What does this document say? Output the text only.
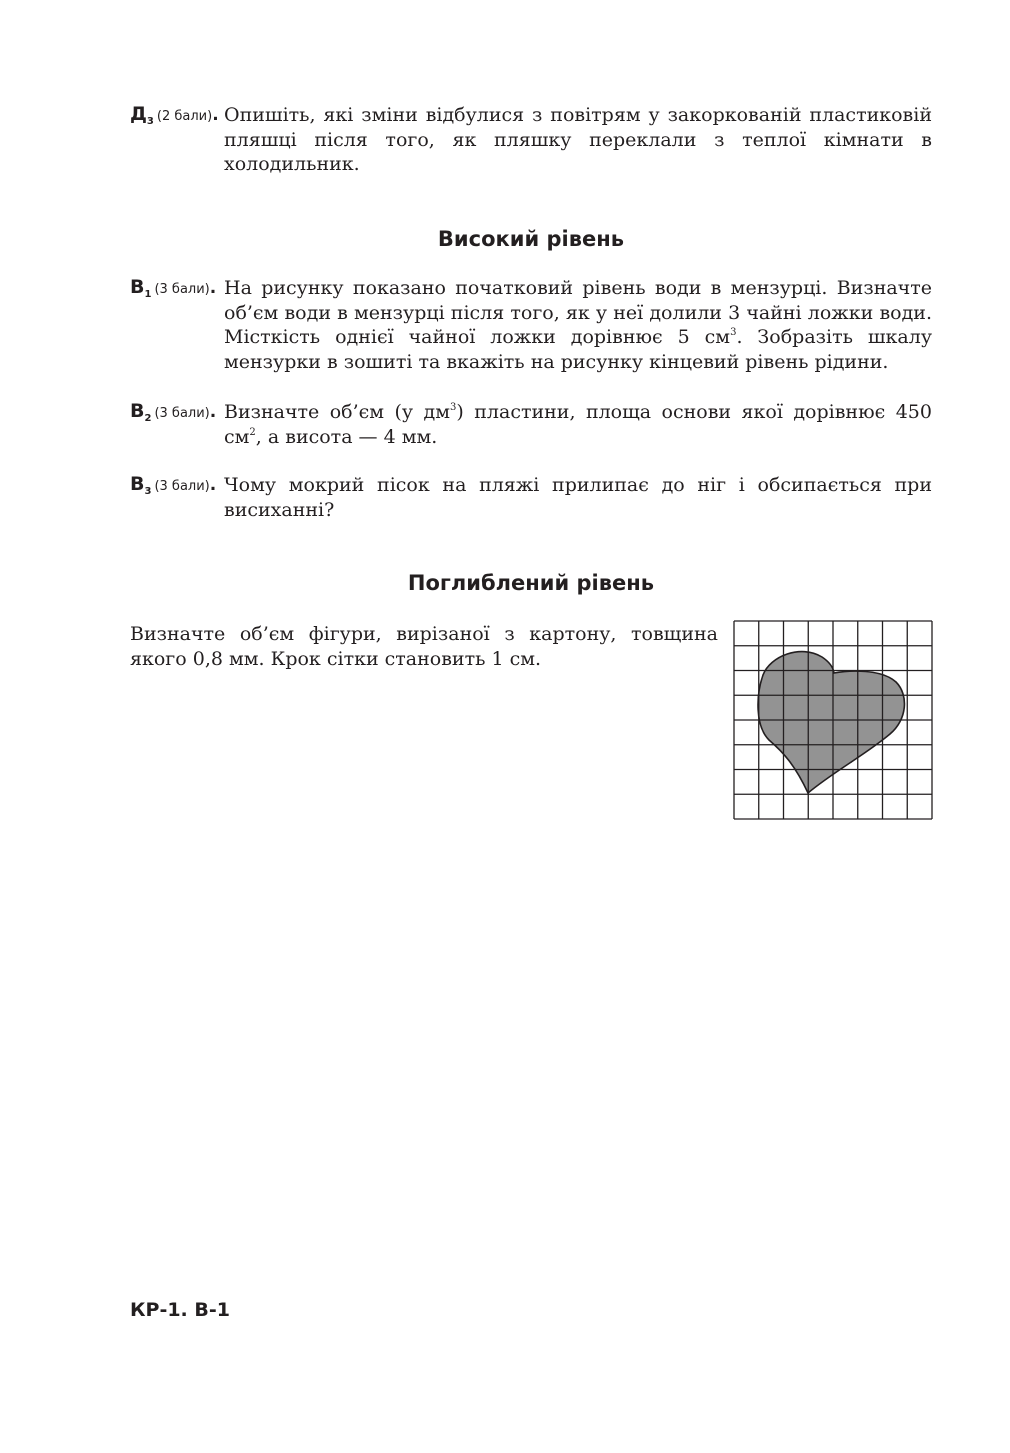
$Д_3$ (2 бали). Опишіть, які зміни відбулися з повітрям у закоркованій пластиковій пляшці після того, як пляшку переклали з теплої кімнати в холодильник.
Високий рівень
$В_1$ (3 бали). На рисунку показано початковий рівень води в мензурці. Визначте об’єм води в мензурці після того, як у неї долили 3 чайні ложки води. Місткість однієї чайної ложки дорівнює 5 $см^3$. Зобразіть шкалу мензурки в зошиті та вкажіть на рисунку кінцевий рівень рідини.
$В_2$ (3 бали). Визначте об’єм (у $дм^3$) пластини, площа основи якої дорівнює 450 $см^2$, а висота — 4 мм.
$В_3$ (3 бали). Чому мокрий пісок на пляжі прилипає до ніг і обсипається при висиханні?
Поглиблений рівень
Визначте об’єм фігури, вирізаної з картону, товщина якого 0,8 мм. Крок сітки становить 1 см.
КР-1. В-1
